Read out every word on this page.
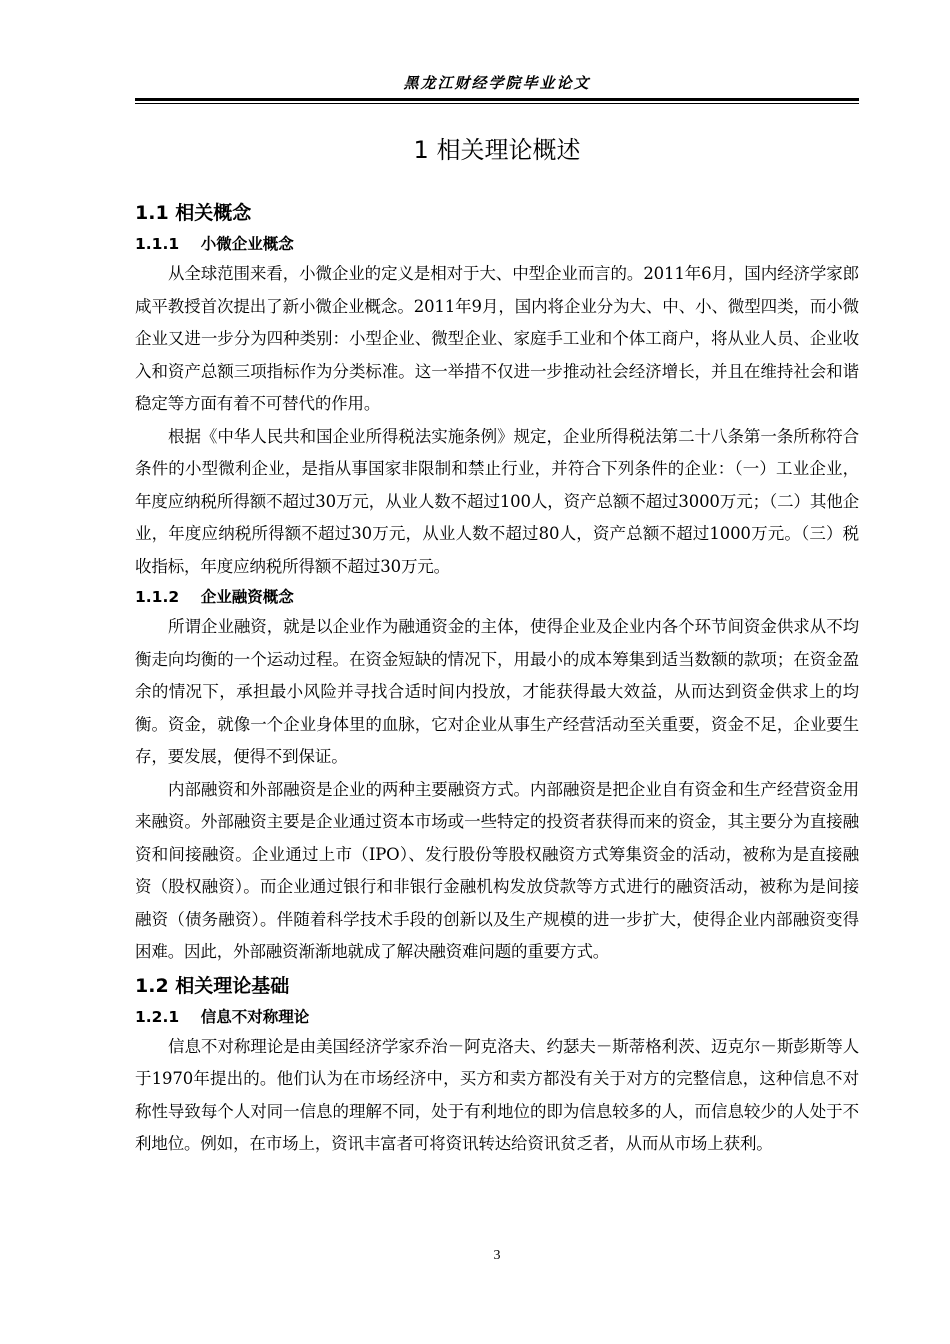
黑龙江财经学院毕业论文
1 相关理论概述
1.1 相关概念
1.1.1    小微企业概念

从全球范围来看，小微企业的定义是相对于大、中型企业而言的。2011年6月，国内经济学家郎咸平教授首次提出了新小微企业概念。2011年9月，国内将企业分为大、中、小、微型四类，而小微企业又进一步分为四种类别：小型企业、微型企业、家庭手工业和个体工商户，将从业人员、企业收入和资产总额三项指标作为分类标准。这一举措不仅进一步推动社会经济增长，并且在维持社会和谐稳定等方面有着不可替代的作用。

根据《中华人民共和国企业所得税法实施条例》规定，企业所得税法第二十八条第一条所称符合条件的小型微利企业，是指从事国家非限制和禁止行业，并符合下列条件的企业：（一）工业企业，年度应纳税所得额不超过30万元，从业人数不超过100人，资产总额不超过3000万元；（二）其他企业，年度应纳税所得额不超过30万元，从业人数不超过80人，资产总额不超过1000万元。（三）税收指标，年度应纳税所得额不超过30万元。

1.1.2    企业融资概念

所谓企业融资，就是以企业作为融通资金的主体，使得企业及企业内各个环节间资金供求从不均衡走向均衡的一个运动过程。在资金短缺的情况下，用最小的成本筹集到适当数额的款项；在资金盈余的情况下，承担最小风险并寻找合适时间内投放，才能获得最大效益，从而达到资金供求上的均衡。资金，就像一个企业身体里的血脉，它对企业从事生产经营活动至关重要，资金不足，企业要生存，要发展，便得不到保证。

内部融资和外部融资是企业的两种主要融资方式。内部融资是把企业自有资金和生产经营资金用来融资。外部融资主要是企业通过资本市场或一些特定的投资者获得而来的资金，其主要分为直接融资和间接融资。企业通过上市（IPO）、发行股份等股权融资方式筹集资金的活动，被称为是直接融资（股权融资）。而企业通过银行和非银行金融机构发放贷款等方式进行的融资活动，被称为是间接融资（债务融资）。伴随着科学技术手段的创新以及生产规模的进一步扩大，使得企业内部融资变得困难。因此，外部融资渐渐地就成了解决融资难问题的重要方式。

1.2 相关理论基础
1.2.1    信息不对称理论

信息不对称理论是由美国经济学家乔治－阿克洛夫、约瑟夫－斯蒂格利茨、迈克尔－斯彭斯等人于1970年提出的。他们认为在市场经济中，买方和卖方都没有关于对方的完整信息，这种信息不对称性导致每个人对同一信息的理解不同，处于有利地位的即为信息较多的人，而信息较少的人处于不利地位。例如，在市场上，资讯丰富者可将资讯转达给资讯贫乏者，从而从市场上获利。

3
